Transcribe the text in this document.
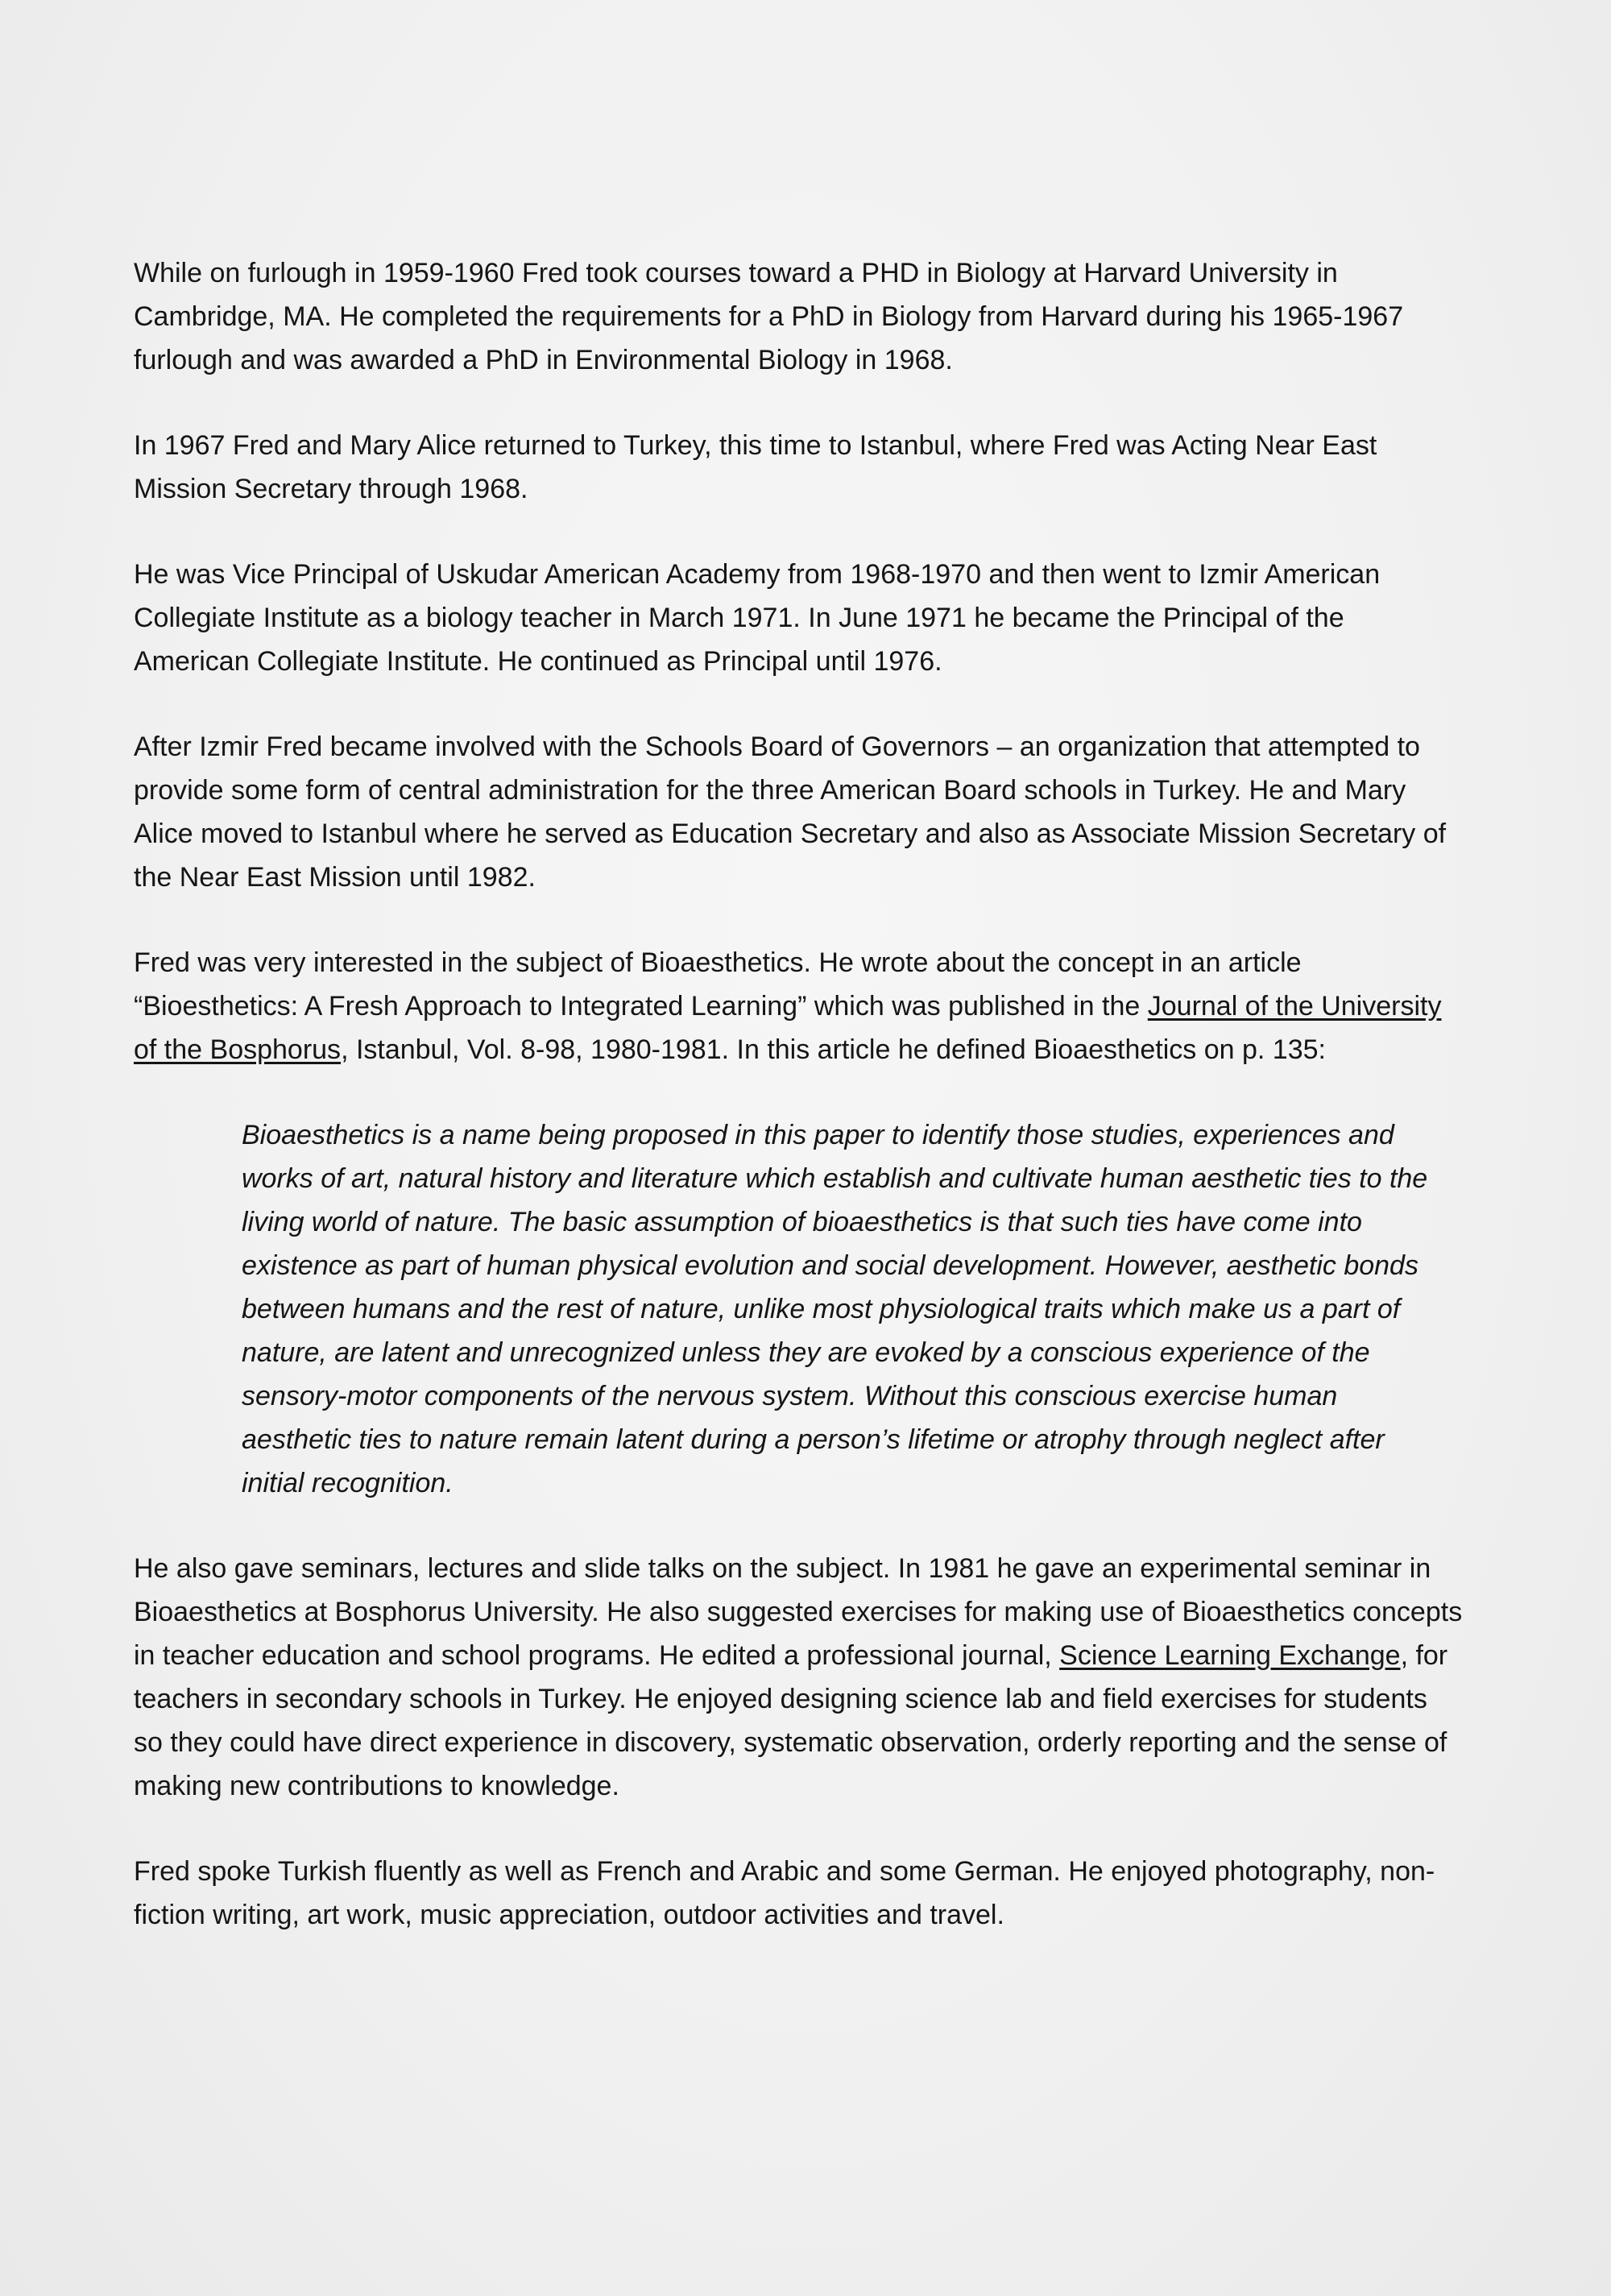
While on furlough in 1959-1960 Fred took courses toward a PHD in Biology at Harvard University in Cambridge, MA. He completed the requirements for a PhD in Biology from Harvard during his 1965-1967 furlough and was awarded a PhD in Environmental Biology in 1968.

In 1967 Fred and Mary Alice returned to Turkey, this time to Istanbul, where Fred was Acting Near East Mission Secretary through 1968.

He was Vice Principal of Uskudar American Academy from 1968-1970 and then went to Izmir American Collegiate Institute as a biology teacher in March 1971. In June 1971 he became the Principal of the American Collegiate Institute. He continued as Principal until 1976.

After Izmir Fred became involved with the Schools Board of Governors – an organization that attempted to provide some form of central administration for the three American Board schools in Turkey. He and Mary Alice moved to Istanbul where he served as Education Secretary and also as Associate Mission Secretary of the Near East Mission until 1982.

Fred was very interested in the subject of Bioaesthetics. He wrote about the concept in an article “Bioesthetics: A Fresh Approach to Integrated Learning” which was published in the Journal of the University of the Bosphorus, Istanbul, Vol. 8-98, 1980-1981. In this article he defined Bioaesthetics on p. 135:

Bioaesthetics is a name being proposed in this paper to identify those studies, experiences and works of art, natural history and literature which establish and cultivate human aesthetic ties to the living world of nature. The basic assumption of bioaesthetics is that such ties have come into existence as part of human physical evolution and social development. However, aesthetic bonds between humans and the rest of nature, unlike most physiological traits which make us a part of nature, are latent and unrecognized unless they are evoked by a conscious experience of the sensory-motor components of the nervous system. Without this conscious exercise human aesthetic ties to nature remain latent during a person’s lifetime or atrophy through neglect after initial recognition.

He also gave seminars, lectures and slide talks on the subject. In 1981 he gave an experimental seminar in Bioaesthetics at Bosphorus University. He also suggested exercises for making use of Bioaesthetics concepts in teacher education and school programs. He edited a professional journal, Science Learning Exchange, for teachers in secondary schools in Turkey. He enjoyed designing science lab and field exercises for students so they could have direct experience in discovery, systematic observation, orderly reporting and the sense of making new contributions to knowledge.

Fred spoke Turkish fluently as well as French and Arabic and some German. He enjoyed photography, non-fiction writing, art work, music appreciation, outdoor activities and travel.
